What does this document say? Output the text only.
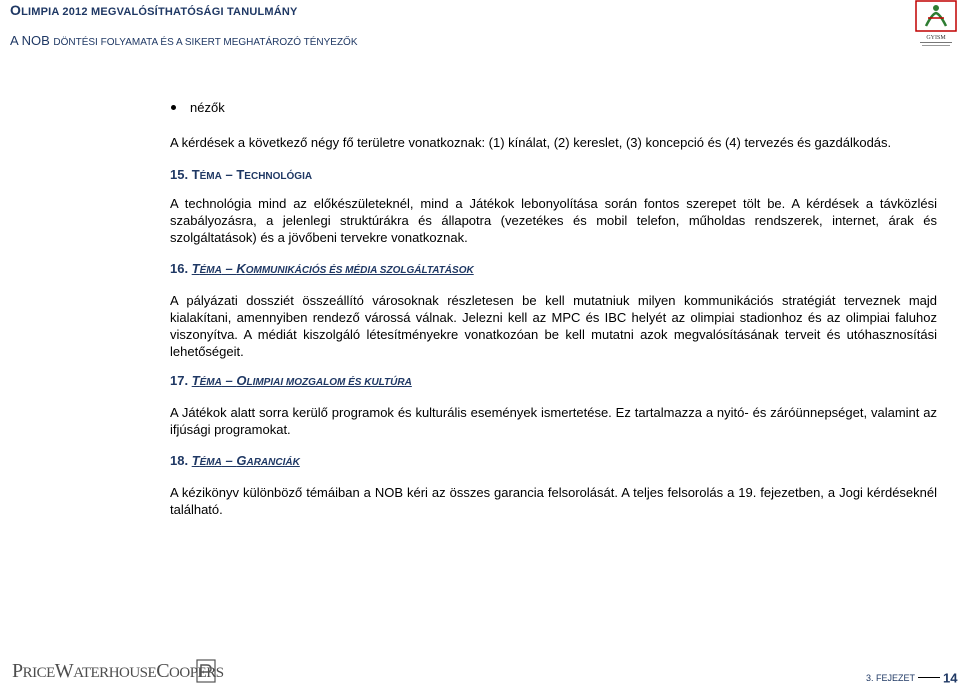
OLIMPIA 2012 MEGVALÓSÍTHATÓSÁGI TANULMÁNY
A NOB DÖNTÉSI FOLYAMATA ÉS A SIKERT MEGHATÁROZÓ TÉNYEZŐK	GYISM
nézők
A kérdések a következő négy fő területre vonatkoznak: (1) kínálat, (2) kereslet, (3) koncepció és (4) tervezés és gazdálkodás.
15. TÉMA – TECHNOLÓGIA
A technológia mind az előkészületeknél, mind a Játékok lebonyolítása során fontos szerepet tölt be. A kérdések a távközlési szabályozásra, a jelenlegi struktúrákra és állapotra (vezetékes és mobil telefon, műholdas rendszerek, internet, árak és szolgáltatások) és a jövőbeni tervekre vonatkoznak.
16. TÉMA – KOMMUNIKÁCIÓS ÉS MÉDIA SZOLGÁLTATÁSOK
A pályázati dossziét összeállító városoknak részletesen be kell mutatniuk milyen kommunikációs stratégiát terveznek majd kialakítani, amennyiben rendező várossá válnak. Jelezni kell az MPC és IBC helyét az olimpiai stadionhoz és az olimpiai faluhoz viszonyítva. A médiát kiszolgáló létesítményekre vonatkozóan be kell mutatni azok megvalósításának terveit és utóhasznosítási lehetőségeit.
17. TÉMA – OLIMPIAI MOZGALOM ÉS KULTÚRA
A Játékok alatt sorra kerülő programok és kulturális események ismertetése. Ez tartalmazza a nyitó- és záróünnepséget, valamint az ifjúsági programokat.
18. TÉMA – GARANCIÁK
A kézikönyv különböző témáiban a NOB kéri az összes garancia felsorolását. A teljes felsorolás a 19. fejezetben, a Jogi kérdéseknél található.
PRICEWATERHOUSECOOPERS	3. FEJEZET 14
